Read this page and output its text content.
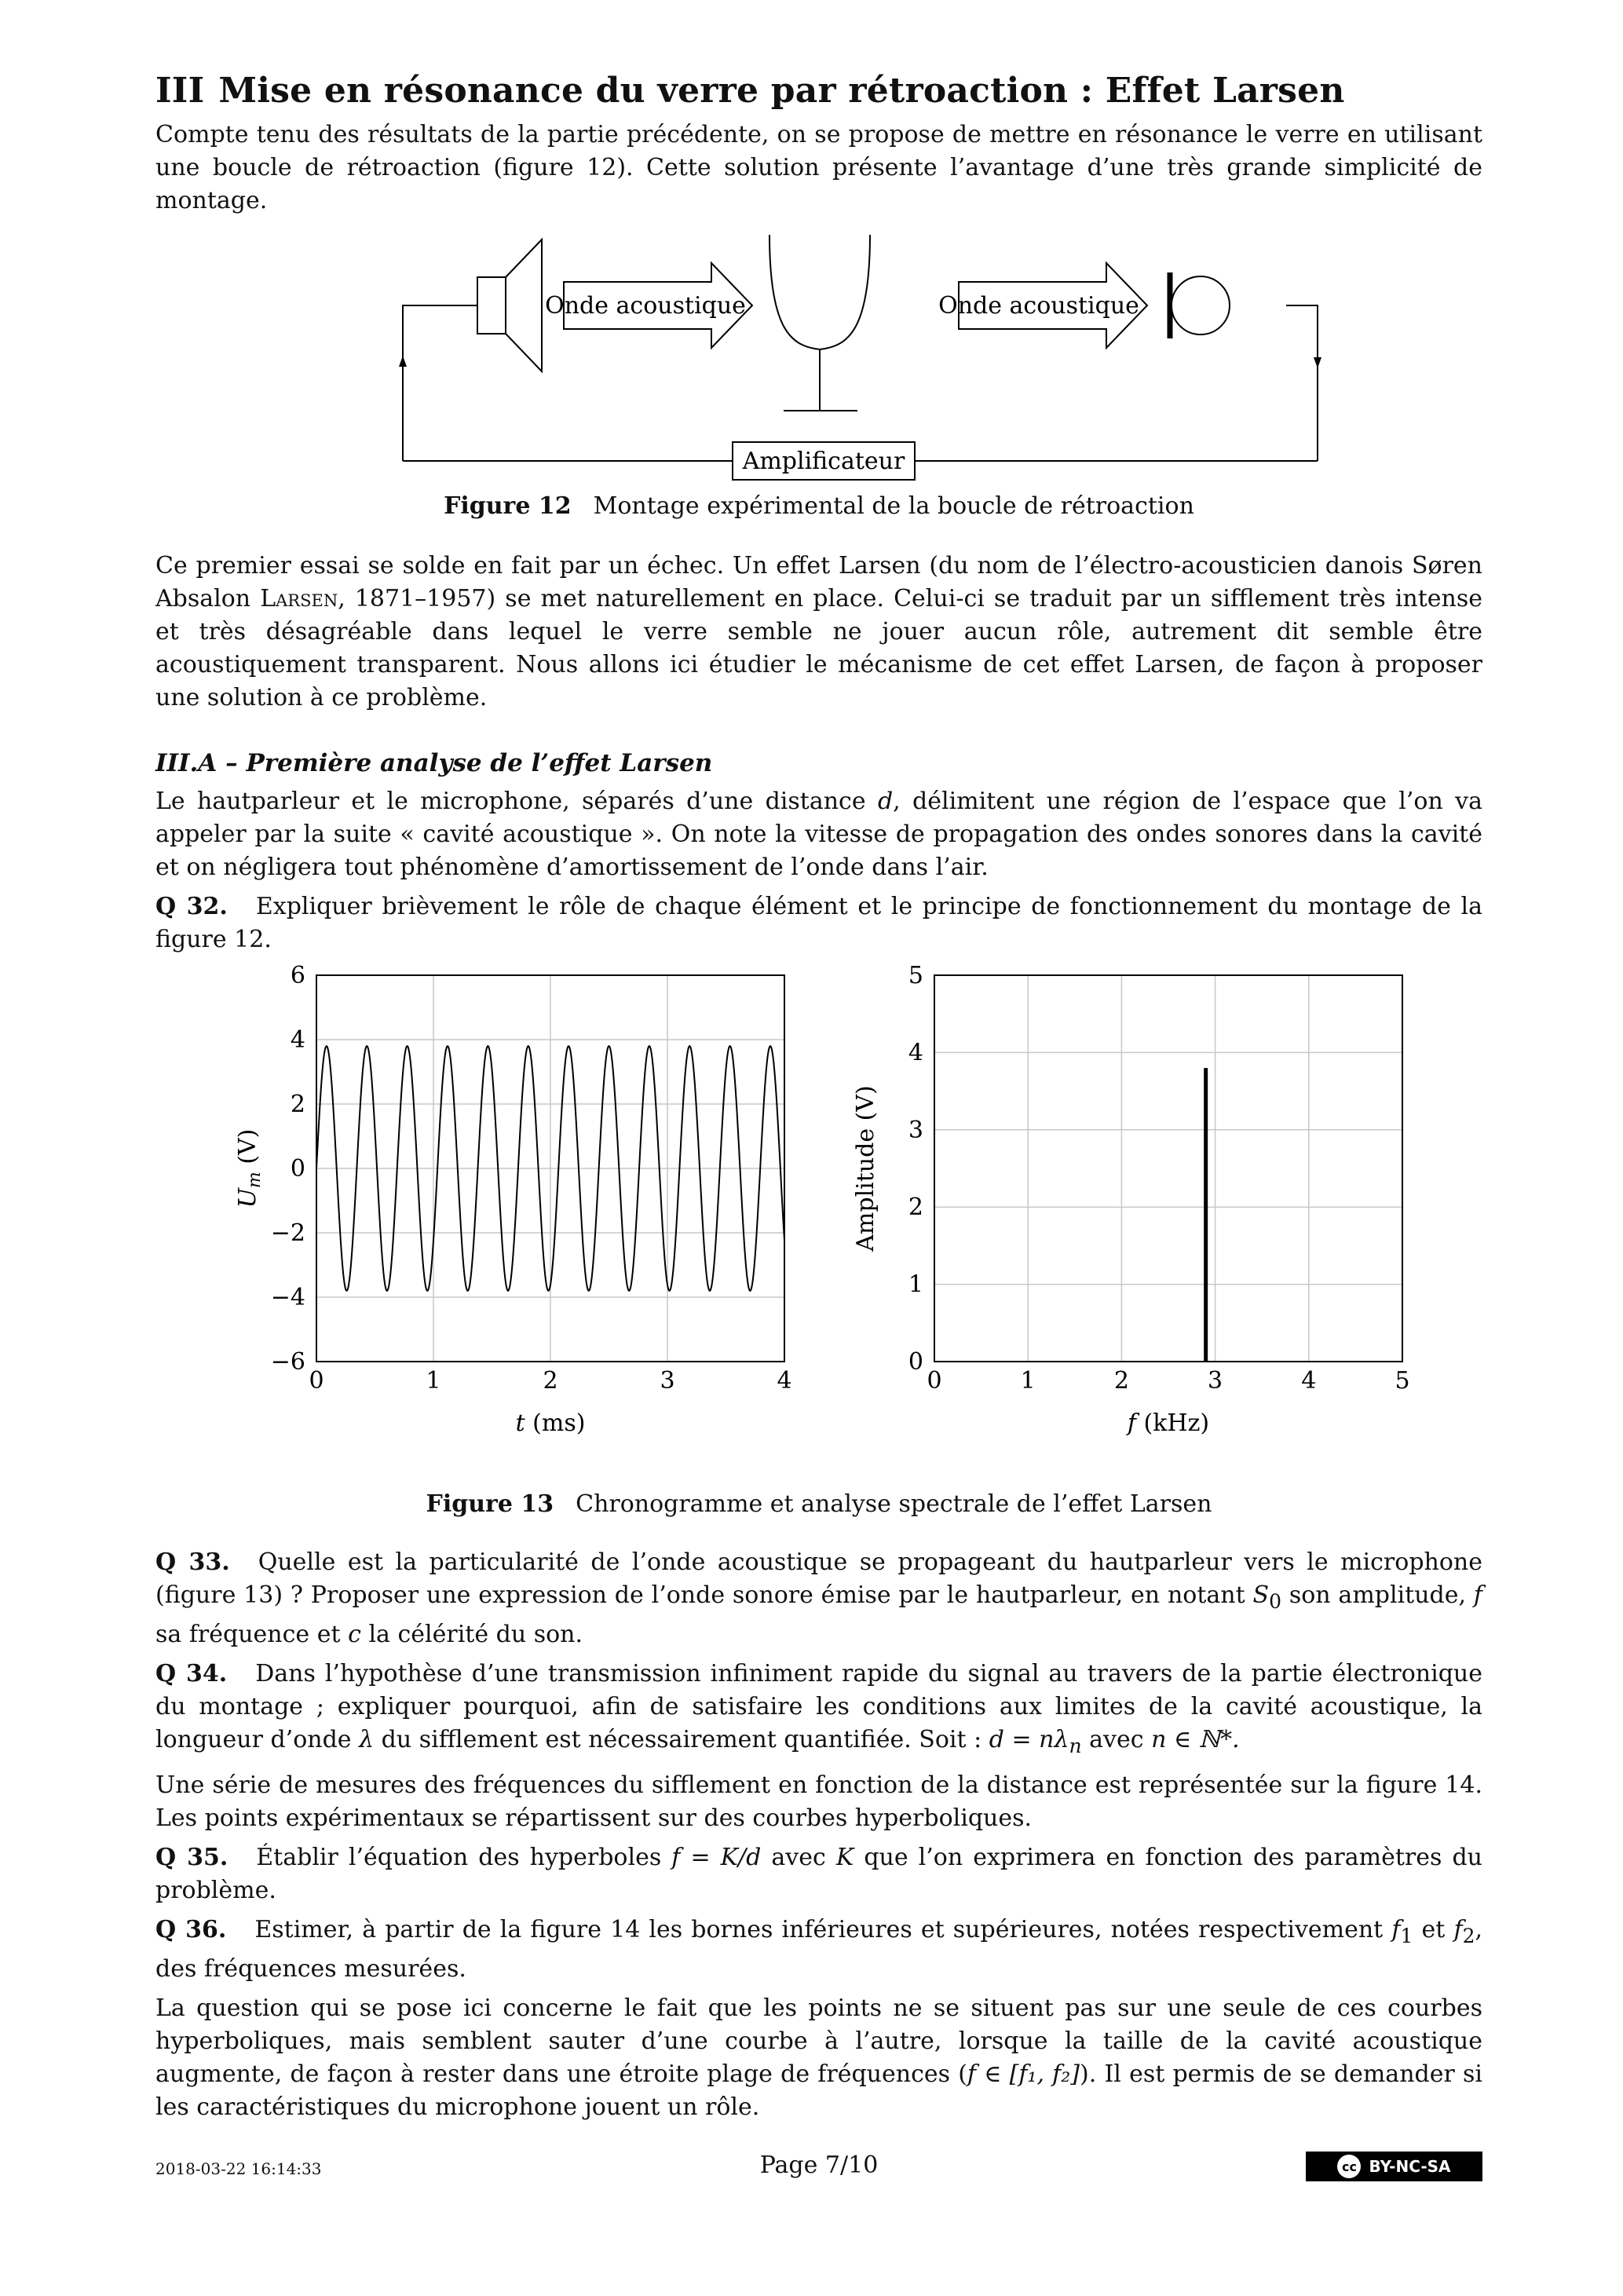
III Mise en résonance du verre par rétroaction : Effet Larsen

Compte tenu des résultats de la partie précédente, on se propose de mettre en résonance le verre en utilisant une boucle de rétroaction (figure 12). Cette solution présente l’avantage d’une très grande simplicité de montage.

Onde acoustique	Onde acoustique
Amplificateur
Figure 12 Montage expérimental de la boucle de rétroaction

Ce premier essai se solde en fait par un échec. Un effet Larsen (du nom de l’électro-acousticien danois Søren Absalon Larsen, 1871–1957) se met naturellement en place. Celui-ci se traduit par un sifflement très intense et très désagréable dans lequel le verre semble ne jouer aucun rôle, autrement dit semble être acoustiquement transparent. Nous allons ici étudier le mécanisme de cet effet Larsen, de façon à proposer une solution à ce problème.

III.A – Première analyse de l’effet Larsen

Le hautparleur et le microphone, séparés d’une distance d, délimitent une région de l’espace que l’on va appeler par la suite « cavité acoustique ». On note la vitesse de propagation des ondes sonores dans la cavité et on négligera tout phénomène d’amortissement de l’onde dans l’air.

Q 32. Expliquer brièvement le rôle de chaque élément et le principe de fonctionnement du montage de la figure 12.

0	1	2	3	4
−6
−4
2
−2
0
4
6
t (ms)
$U_m$ (V)
0	1	2	3	4	5
0
1
2
3
4
5
f (kHz)
Amplitude (V)
Figure 13 Chronogramme et analyse spectrale de l’effet Larsen

Q 33. Quelle est la particularité de l’onde acoustique se propageant du hautparleur vers le microphone (figure 13) ? Proposer une expression de l’onde sonore émise par le hautparleur, en notant $S_0$ son amplitude, f sa fréquence et c la célérité du son.

Q 34. Dans l’hypothèse d’une transmission infiniment rapide du signal au travers de la partie électronique du montage ; expliquer pourquoi, afin de satisfaire les conditions aux limites de la cavité acoustique, la longueur d’onde λ du sifflement est nécessairement quantifiée. Soit : $d = n\lambda_n$ avec n ∈ ℕ*.

Une série de mesures des fréquences du sifflement en fonction de la distance est représentée sur la figure 14. Les points expérimentaux se répartissent sur des courbes hyperboliques.

Q 35. Établir l’équation des hyperboles f = K/d avec K que l’on exprimera en fonction des paramètres du problème.

Q 36. Estimer, à partir de la figure 14 les bornes inférieures et supérieures, notées respectivement $f_1$ et $f_2$, des fréquences mesurées.

La question qui se pose ici concerne le fait que les points ne se situent pas sur une seule de ces courbes hyperboliques, mais semblent sauter d’une courbe à l’autre, lorsque la taille de la cavité acoustique augmente, de façon à rester dans une étroite plage de fréquences (f ∈ [f₁, f₂]). Il est permis de se demander si les caractéristiques du microphone jouent un rôle.

2018-03-22 16:14:33	Page 7/10	cc BY-NC-SA
